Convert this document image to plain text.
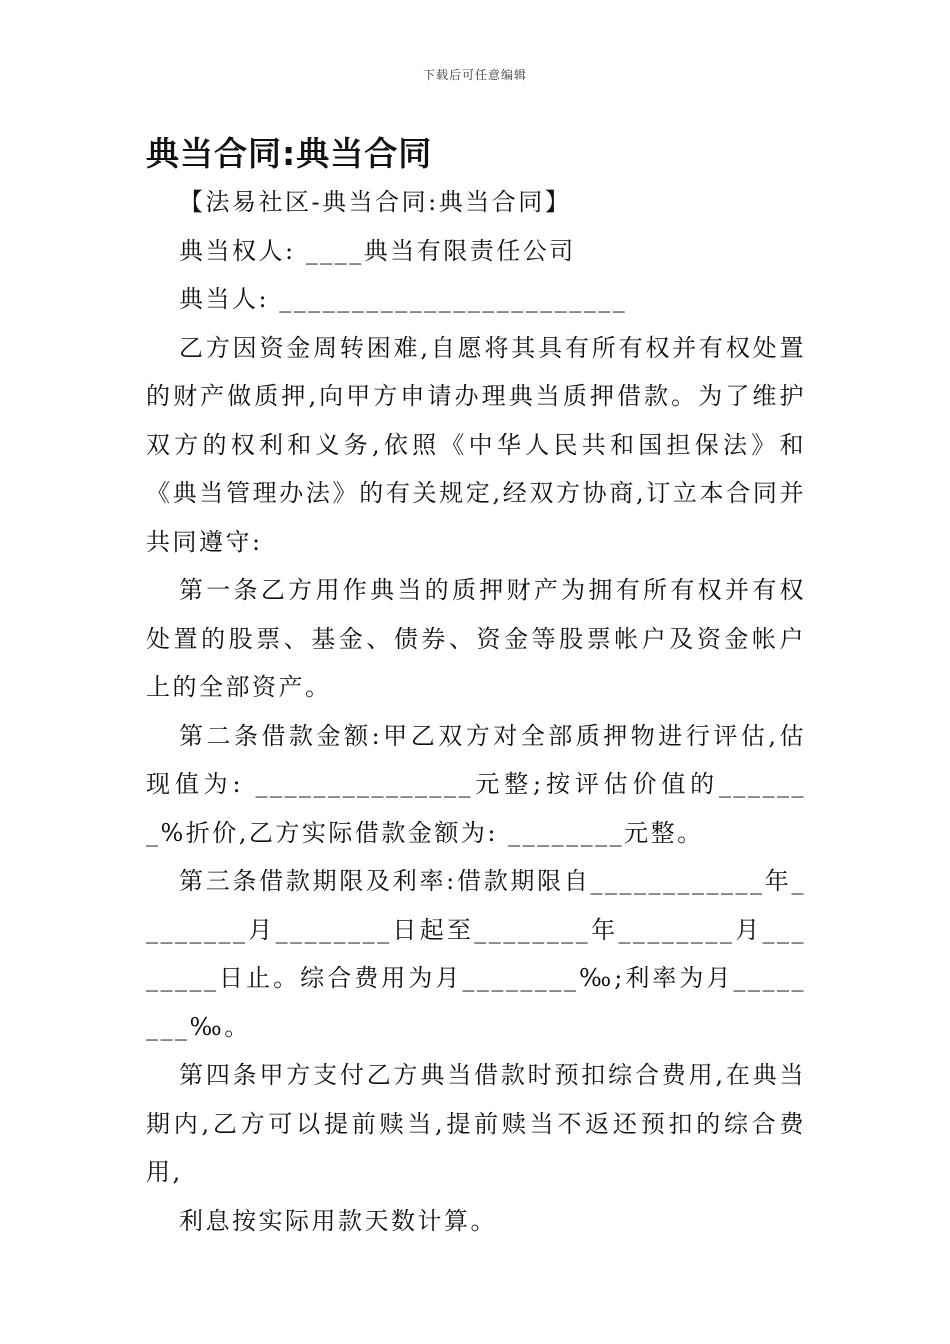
下载后可任意编辑
典当合同:典当合同

【法易社区-典当合同:典当合同】

典当权人: ____典当有限责任公司

典当人: ________________________

乙方因资金周转困难,自愿将其具有所有权并有权处置的财产做质押,向甲方申请办理典当质押借款。为了维护双方的权利和义务,依照《中华人民共和国担保法》和《典当管理办法》的有关规定,经双方协商,订立本合同并共同遵守:

第一条乙方用作典当的质押财产为拥有所有权并有权处置的股票、基金、债券、资金等股票帐户及资金帐户上的全部资产。

第二条借款金额:甲乙双方对全部质押物进行评估,估现值为: _______________元整;按评估价值的_______%折价,乙方实际借款金额为: ________元整。

第三条借款期限及利率:借款期限自____________年________月________日起至________年________月________日止。综合费用为月________‰;利率为月________‰。

第四条甲方支付乙方典当借款时预扣综合费用,在典当期内,乙方可以提前赎当,提前赎当不返还预扣的综合费用,

利息按实际用款天数计算。
